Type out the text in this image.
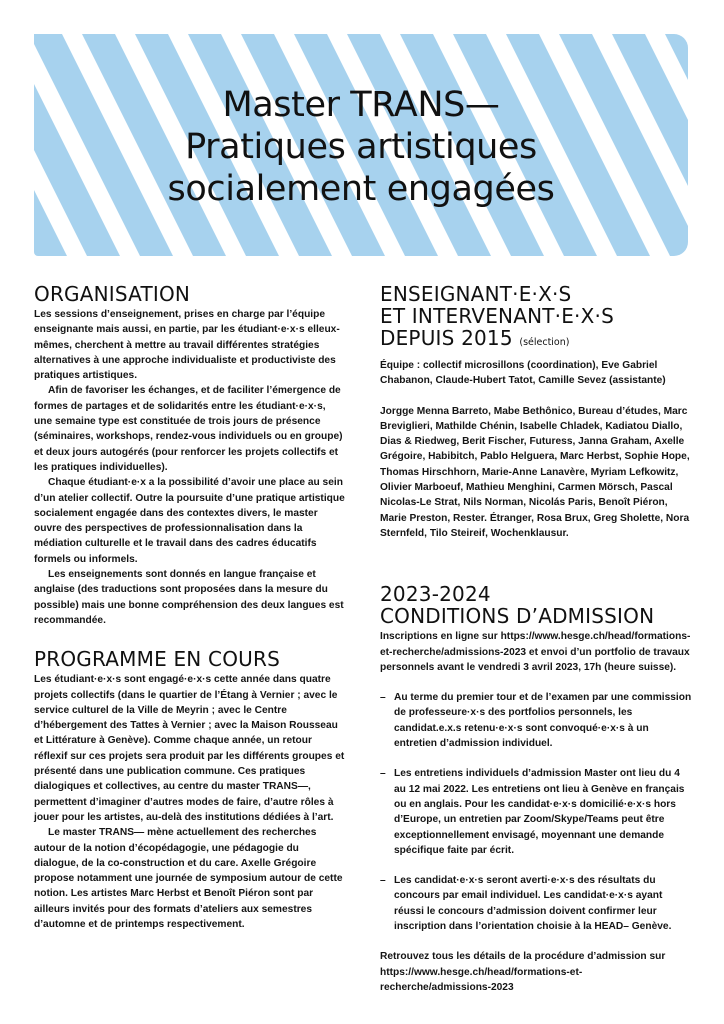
Master TRANS—
Pratiques artistiques
socialement engagées
ORGANISATION

Les sessions d’enseignement, prises en charge par l’équipe enseignante mais aussi, en partie, par les étudiant·e·x·s elleux-mêmes, cherchent à mettre au travail différentes stratégies alternatives à une approche individualiste et productiviste des pratiques artistiques.

Afin de favoriser les échanges, et de faciliter l’émergence de formes de partages et de solidarités entre les étudiant·e·x·s, une semaine type est constituée de trois jours de présence (séminaires, workshops, rendez-vous individuels ou en groupe) et deux jours autogérés (pour renforcer les projets collectifs et les pratiques individuelles).

Chaque étudiant·e·x a la possibilité d’avoir une place au sein d’un atelier collectif. Outre la poursuite d’une pratique artistique socialement engagée dans des contextes divers, le master ouvre des perspectives de professionnalisation dans la médiation culturelle et le travail dans des cadres éducatifs formels ou informels.

Les enseignements sont donnés en langue française et anglaise (des traductions sont proposées dans la mesure du possible) mais une bonne compréhension des deux langues est recommandée.

PROGRAMME EN COURS

Les étudiant·e·x·s sont engagé·e·x·s cette année dans quatre projets collectifs (dans le quartier de l’Étang à Vernier ; avec le service culturel de la Ville de Meyrin ; avec le Centre d’hébergement des Tattes à Vernier ; avec la Maison Rousseau et Littérature à Genève). Comme chaque année, un retour réflexif sur ces projets sera produit par les différents groupes et présenté dans une publication commune. Ces pratiques dialogiques et collectives, au centre du master TRANS—, permettent d’imaginer d’autres modes de faire, d’autre rôles à jouer pour les artistes, au-delà des institutions dédiées à l’art.

Le master TRANS— mène actuellement des recherches autour de la notion d’écopédagogie, une pédagogie du dialogue, de la co-construction et du care. Axelle Grégoire propose notamment une journée de symposium autour de cette notion. Les artistes Marc Herbst et Benoît Piéron sont par ailleurs invités pour des formats d’ateliers aux semestres d’automne et de printemps respectivement.

ENSEIGNANT·E·X·S
ET INTERVENANT·E·X·S
DEPUIS 2015 (sélection)

Équipe : collectif microsillons (coordination), Eve Gabriel Chabanon, Claude-Hubert Tatot, Camille Sevez (assistante)

Jorgge Menna Barreto, Mabe Bethônico, Bureau d’études, Marc Breviglieri, Mathilde Chénin, Isabelle Chladek, Kadiatou Diallo, Dias & Riedweg, Berit Fischer, Futuress, Janna Graham, Axelle Grégoire, Habibitch, Pablo Helguera, Marc Herbst, Sophie Hope, Thomas Hirschhorn, Marie-Anne Lanavère, Myriam Lefkowitz, Olivier Marboeuf, Mathieu Menghini, Carmen Mörsch, Pascal Nicolas-Le Strat, Nils Norman, Nicolás Paris, Benoît Piéron, Marie Preston, Rester. Étranger, Rosa Brux, Greg Sholette, Nora Sternfeld, Tilo Steireif, Wochenklausur.

2023-2024
CONDITIONS D’ADMISSION

Inscriptions en ligne sur https://www.hesge.ch/head/formations-et-recherche/admissions-2023 et envoi d’un portfolio de travaux personnels avant le vendredi 3 avril 2023, 17h (heure suisse).

– Au terme du premier tour et de l’examen par une commission de professeure·x·s des portfolios personnels, les candidat.e.x.s retenu·e·x·s sont convoqué·e·x·s à un entretien d’admission individuel.
– Les entretiens individuels d’admission Master ont lieu du 4 au 12 mai 2022. Les entretiens ont lieu à Genève en français ou en anglais. Pour les candidat·e·x·s domicilié·e·x·s hors d’Europe, un entretien par Zoom/Skype/Teams peut être exceptionnellement envisagé, moyennant une demande spécifique faite par écrit.
– Les candidat·e·x·s seront averti·e·x·s des résultats du concours par email individuel. Les candidat·e·x·s ayant réussi le concours d’admission doivent confirmer leur inscription dans l’orientation choisie à la HEAD– Genève.

Retrouvez tous les détails de la procédure d’admission sur https://www.hesge.ch/head/formations-et-recherche/admissions-2023
